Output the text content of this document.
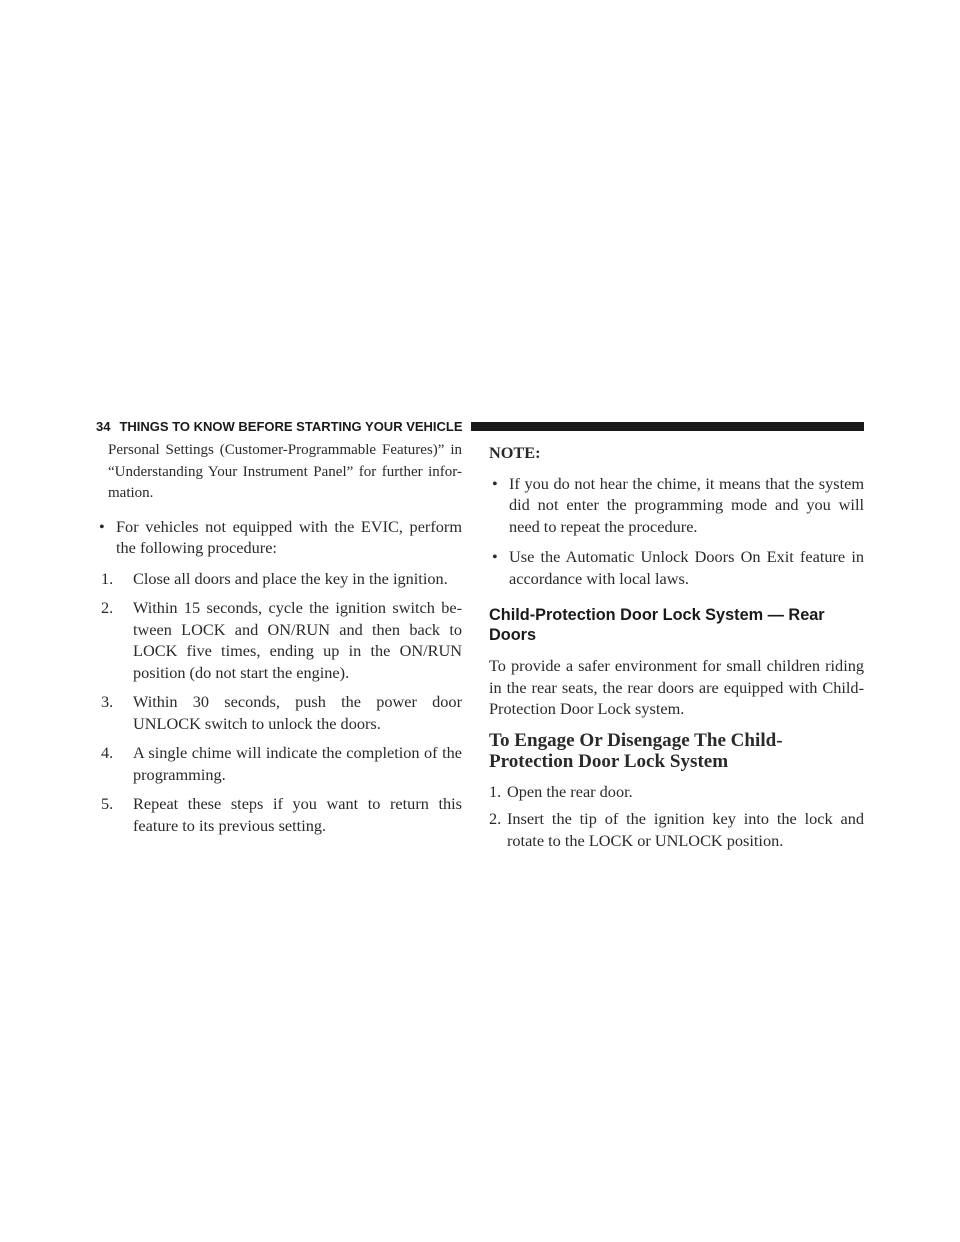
34 THINGS TO KNOW BEFORE STARTING YOUR VEHICLE

Personal Settings (Customer-Programmable Features)” in “Understanding Your Instrument Panel” for further infor-mation.

• For vehicles not equipped with the EVIC, perform the following procedure:

1. Close all doors and place the key in the ignition.

2. Within 15 seconds, cycle the ignition switch be-tween LOCK and ON/RUN and then back to LOCK five times, ending up in the ON/RUN position (do not start the engine).

3. Within 30 seconds, push the power door UNLOCK switch to unlock the doors.

4. A single chime will indicate the completion of the programming.

5. Repeat these steps if you want to return this feature to its previous setting.

NOTE:

• If you do not hear the chime, it means that the system did not enter the programming mode and you will need to repeat the procedure.

• Use the Automatic Unlock Doors On Exit feature in accordance with local laws.

Child-Protection Door Lock System — Rear Doors

To provide a safer environment for small children riding in the rear seats, the rear doors are equipped with Child-Protection Door Lock system.

To Engage Or Disengage The Child-Protection Door Lock System
1. Open the rear door.

2. Insert the tip of the ignition key into the lock and rotate to the LOCK or UNLOCK position.
